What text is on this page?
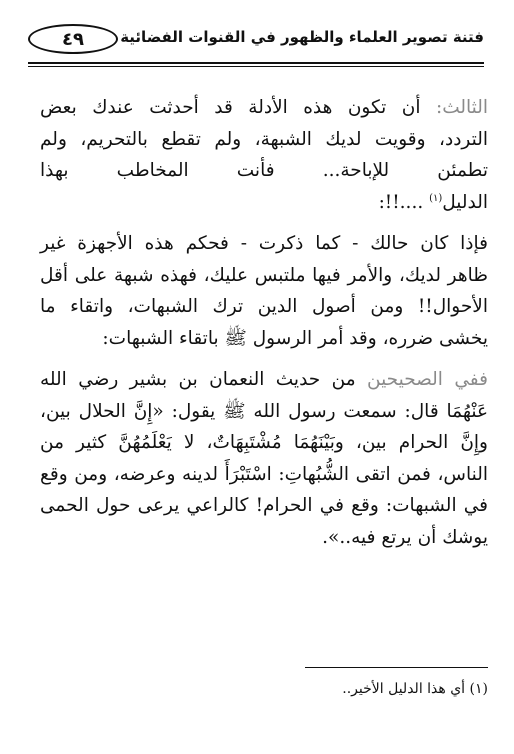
٤٩	فتنة تصوير العلماء والظهور في القنوات الفضائية
الثالث: أن تكون هذه الأدلة قد أحدثت عندك بعض
التردد، وقويت لديك الشبهة، ولم تقطع بالتحريم، ولم
تطمئن للإباحة... فأنت المخاطب بهذا
الدليل$^{(١)}$ ....!!:
فإذا كان حالك - كما ذكرت - فحكم هذه الأجهزة غير
ظاهر لديك، والأمر فيها ملتبس عليك، فهذه شبهة على أقل
الأحوال!! ومن أصول الدين ترك الشبهات، واتقاء ما
يخشى ضرره، وقد أمر الرسول ﷺ باتقاء الشبهات:
ففي الصحيحين من حديث النعمان بن بشير رضي الله
عَنْهُمَا قال: سمعت رسول الله ﷺ يقول: «إِنَّ الحلال بين،
وإِنَّ الحرام بين، وبَيْنَهُمَا مُشْتَبِهَاتٌ، لا يَعْلَمُهُنَّ كثير من
الناس، فمن اتقى الشُّبُهاتِ: اسْتَبْرَأَ لدينه وعرضه، ومن وقع
في الشبهات: وقع في الحرام! كالراعي يرعى حول الحمى
يوشك أن يرتع فيه..».
(١) أي هذا الدليل الأخير..
